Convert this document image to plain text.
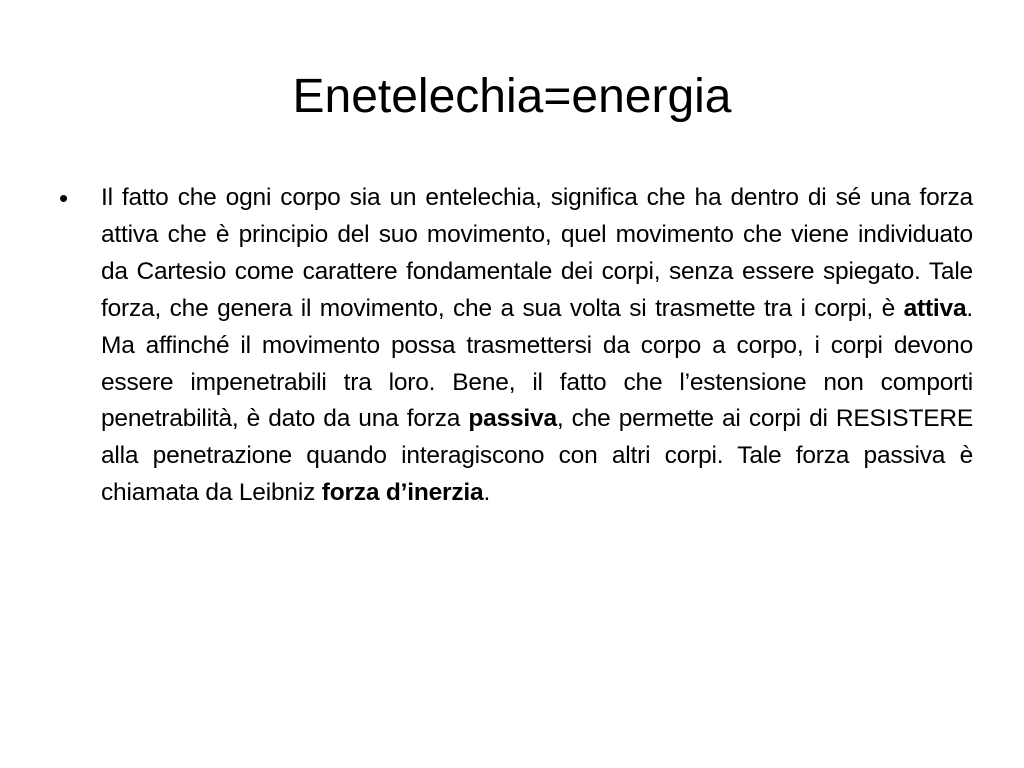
Enetelechia=energia
• Il fatto che ogni corpo sia un entelechia, significa che ha dentro di sé una forza attiva che è principio del suo movimento, quel movimento che viene individuato da Cartesio come carattere fondamentale dei corpi, senza essere spiegato. Tale forza, che genera il movimento, che a sua volta si trasmette tra i corpi, è attiva. Ma affinché il movimento possa trasmettersi da corpo a corpo, i corpi devono essere impenetrabili tra loro. Bene, il fatto che l’estensione non comporti penetrabilità, è dato da una forza passiva, che permette ai corpi di RESISTERE alla penetrazione quando interagiscono con altri corpi. Tale forza passiva è chiamata da Leibniz forza d’inerzia.
